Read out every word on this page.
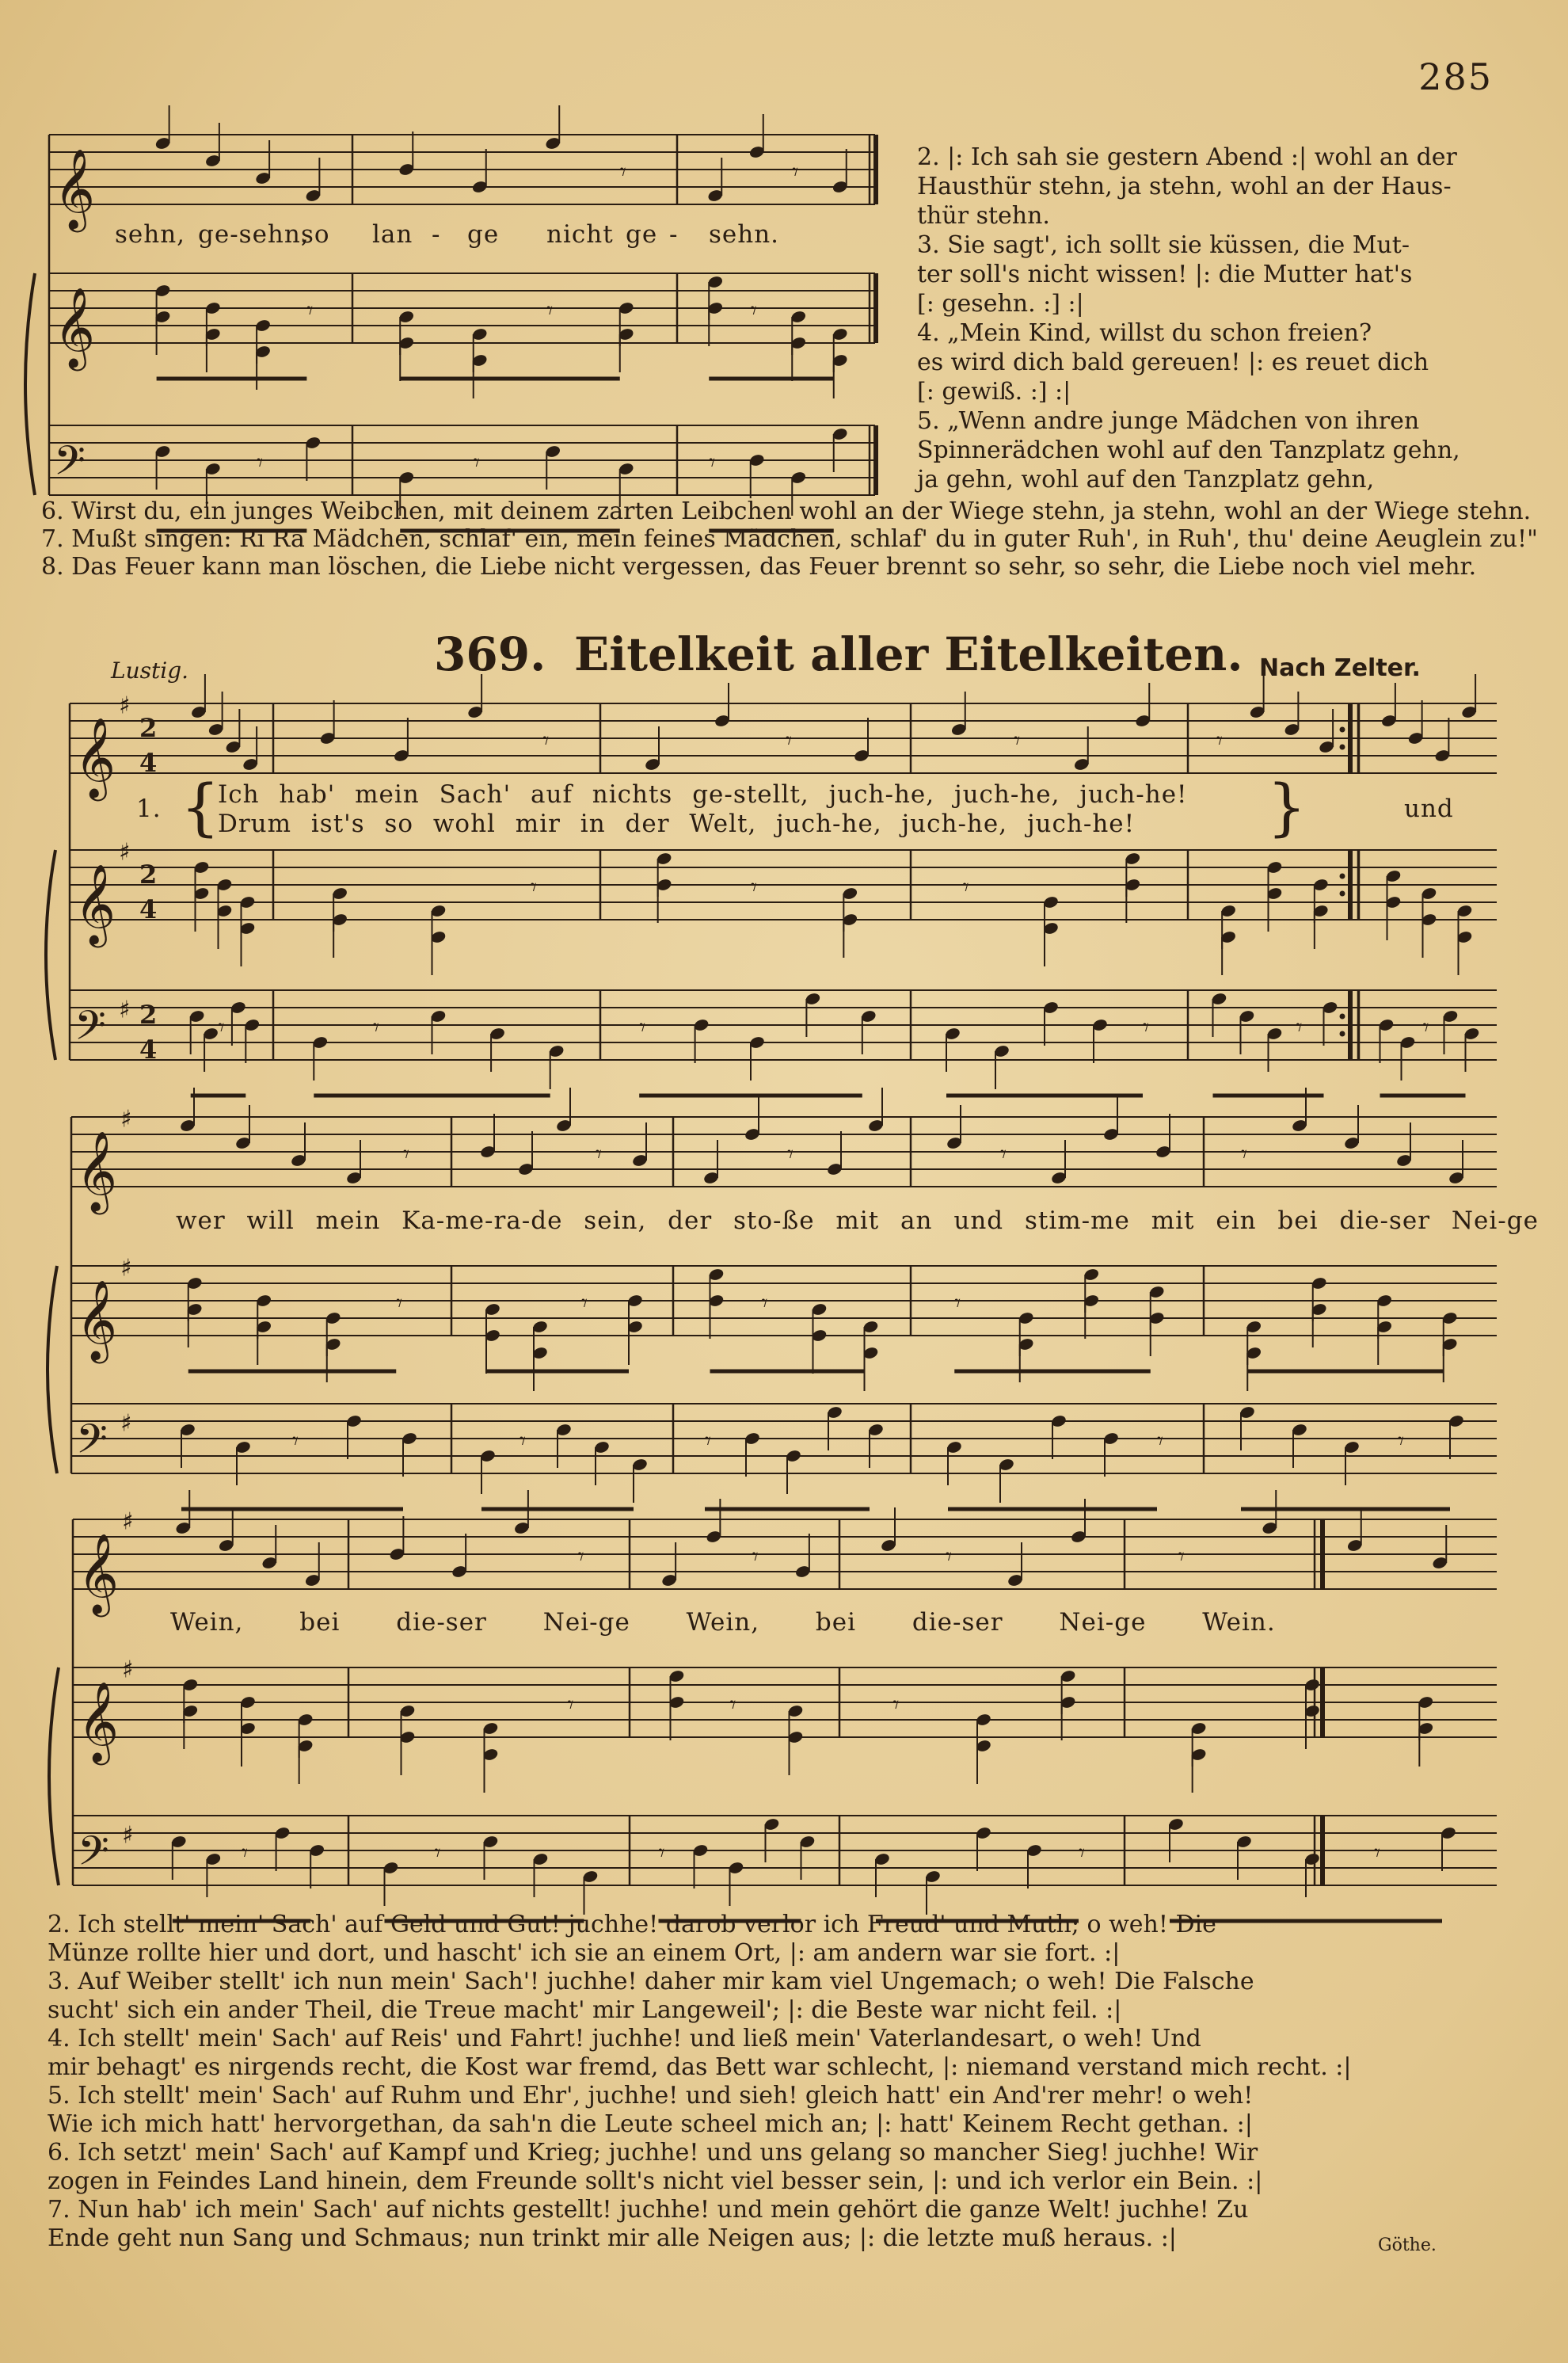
𝄞
𝄞
𝄢
𝄾
𝄾
𝄾
𝄾
𝄾
𝄾
𝄾
𝄾
𝄞
♯
2
4
𝄞
♯
2
4
𝄢 ♯ 2
4
𝄾
𝄾
𝄾
𝄾
𝄾
𝄾
𝄾
𝄾
𝄾
𝄾
𝄾
𝄾	𝄾
𝄞
♯
𝄞
♯
𝄢 ♯
𝄾
𝄾
𝄾
𝄾
𝄾
𝄾
𝄾
𝄾
𝄾
𝄾
𝄾
𝄾
𝄾
𝄾
𝄞
♯
𝄞
♯
𝄢 ♯
𝄾
𝄾
𝄾
𝄾
𝄾
𝄾
𝄾
𝄾
𝄾
𝄾
𝄾
𝄾
285
2. |: Ich sah sie gestern Abend :| wohl an der
Hausthür stehn, ja stehn, wohl an der Haus-
thür stehn.
3. Sie sagt', ich sollt sie küssen, die Mut-
ter soll's nicht wissen! |: die Mutter hat's
[: gesehn. :] :|
4. „Mein Kind, willst du schon freien?
es wird dich bald gereuen! |: es reuet dich
[: gewiß. :] :|
5. „Wenn andre junge Mädchen von ihren
Spinnerädchen wohl auf den Tanzplatz gehn,
ja gehn, wohl auf den Tanzplatz gehn,
6. Wirst du, ein junges Weibchen, mit deinem zarten Leibchen wohl an der Wiege stehn, ja stehn, wohl an der Wiege stehn.
7. Mußt singen: Ri Ra Mädchen, schlaf' ein, mein feines Mädchen, schlaf' du in guter Ruh', in Ruh', thu' deine Aeuglein zu!"
8. Das Feuer kann man löschen, die Liebe nicht vergessen, das Feuer brennt so sehr, so sehr, die Liebe noch viel mehr.
Lustig.	369. Eitelkeit aller Eitelkeiten. Nach Zelter.
1. {
Ich hab' mein Sach' auf nichts ge-stellt, juch-he, juch-he, juch-he!
Drum ist's so wohl mir in der Welt, juch-he, juch-he, juch-he! }	und
wer will mein Ka-me-ra-de sein, der sto-ße mit an und stim-me mit ein bei die-ser Nei-ge
Wein, bei die-ser Nei-ge Wein, bei die-ser Nei-ge Wein.
2. Ich stellt' mein' Sach' auf Geld und Gut! juchhe! darob verlor ich Freud' und Muth; o weh! Die
Münze rollte hier und dort, und hascht' ich sie an einem Ort, |: am andern war sie fort. :|
3. Auf Weiber stellt' ich nun mein' Sach'! juchhe! daher mir kam viel Ungemach; o weh! Die Falsche
sucht' sich ein ander Theil, die Treue macht' mir Langeweil'; |: die Beste war nicht feil. :|
4. Ich stellt' mein' Sach' auf Reis' und Fahrt! juchhe! und ließ mein' Vaterlandesart, o weh! Und
mir behagt' es nirgends recht, die Kost war fremd, das Bett war schlecht, |: niemand verstand mich recht. :|
5. Ich stellt' mein' Sach' auf Ruhm und Ehr', juchhe! und sieh! gleich hatt' ein And'rer mehr! o weh!
Wie ich mich hatt' hervorgethan, da sah'n die Leute scheel mich an; |: hatt' Keinem Recht gethan. :|
6. Ich setzt' mein' Sach' auf Kampf und Krieg; juchhe! und uns gelang so mancher Sieg! juchhe! Wir
zogen in Feindes Land hinein, dem Freunde sollt's nicht viel besser sein, |: und ich verlor ein Bein. :|
7. Nun hab' ich mein' Sach' auf nichts gestellt! juchhe! und mein gehört die ganze Welt! juchhe! Zu
Ende geht nun Sang und Schmaus; nun trinkt mir alle Neigen aus; |: die letzte muß heraus. :|	Göthe.
sehn, ge-sehn,
so lan - ge nicht ge - sehn.
